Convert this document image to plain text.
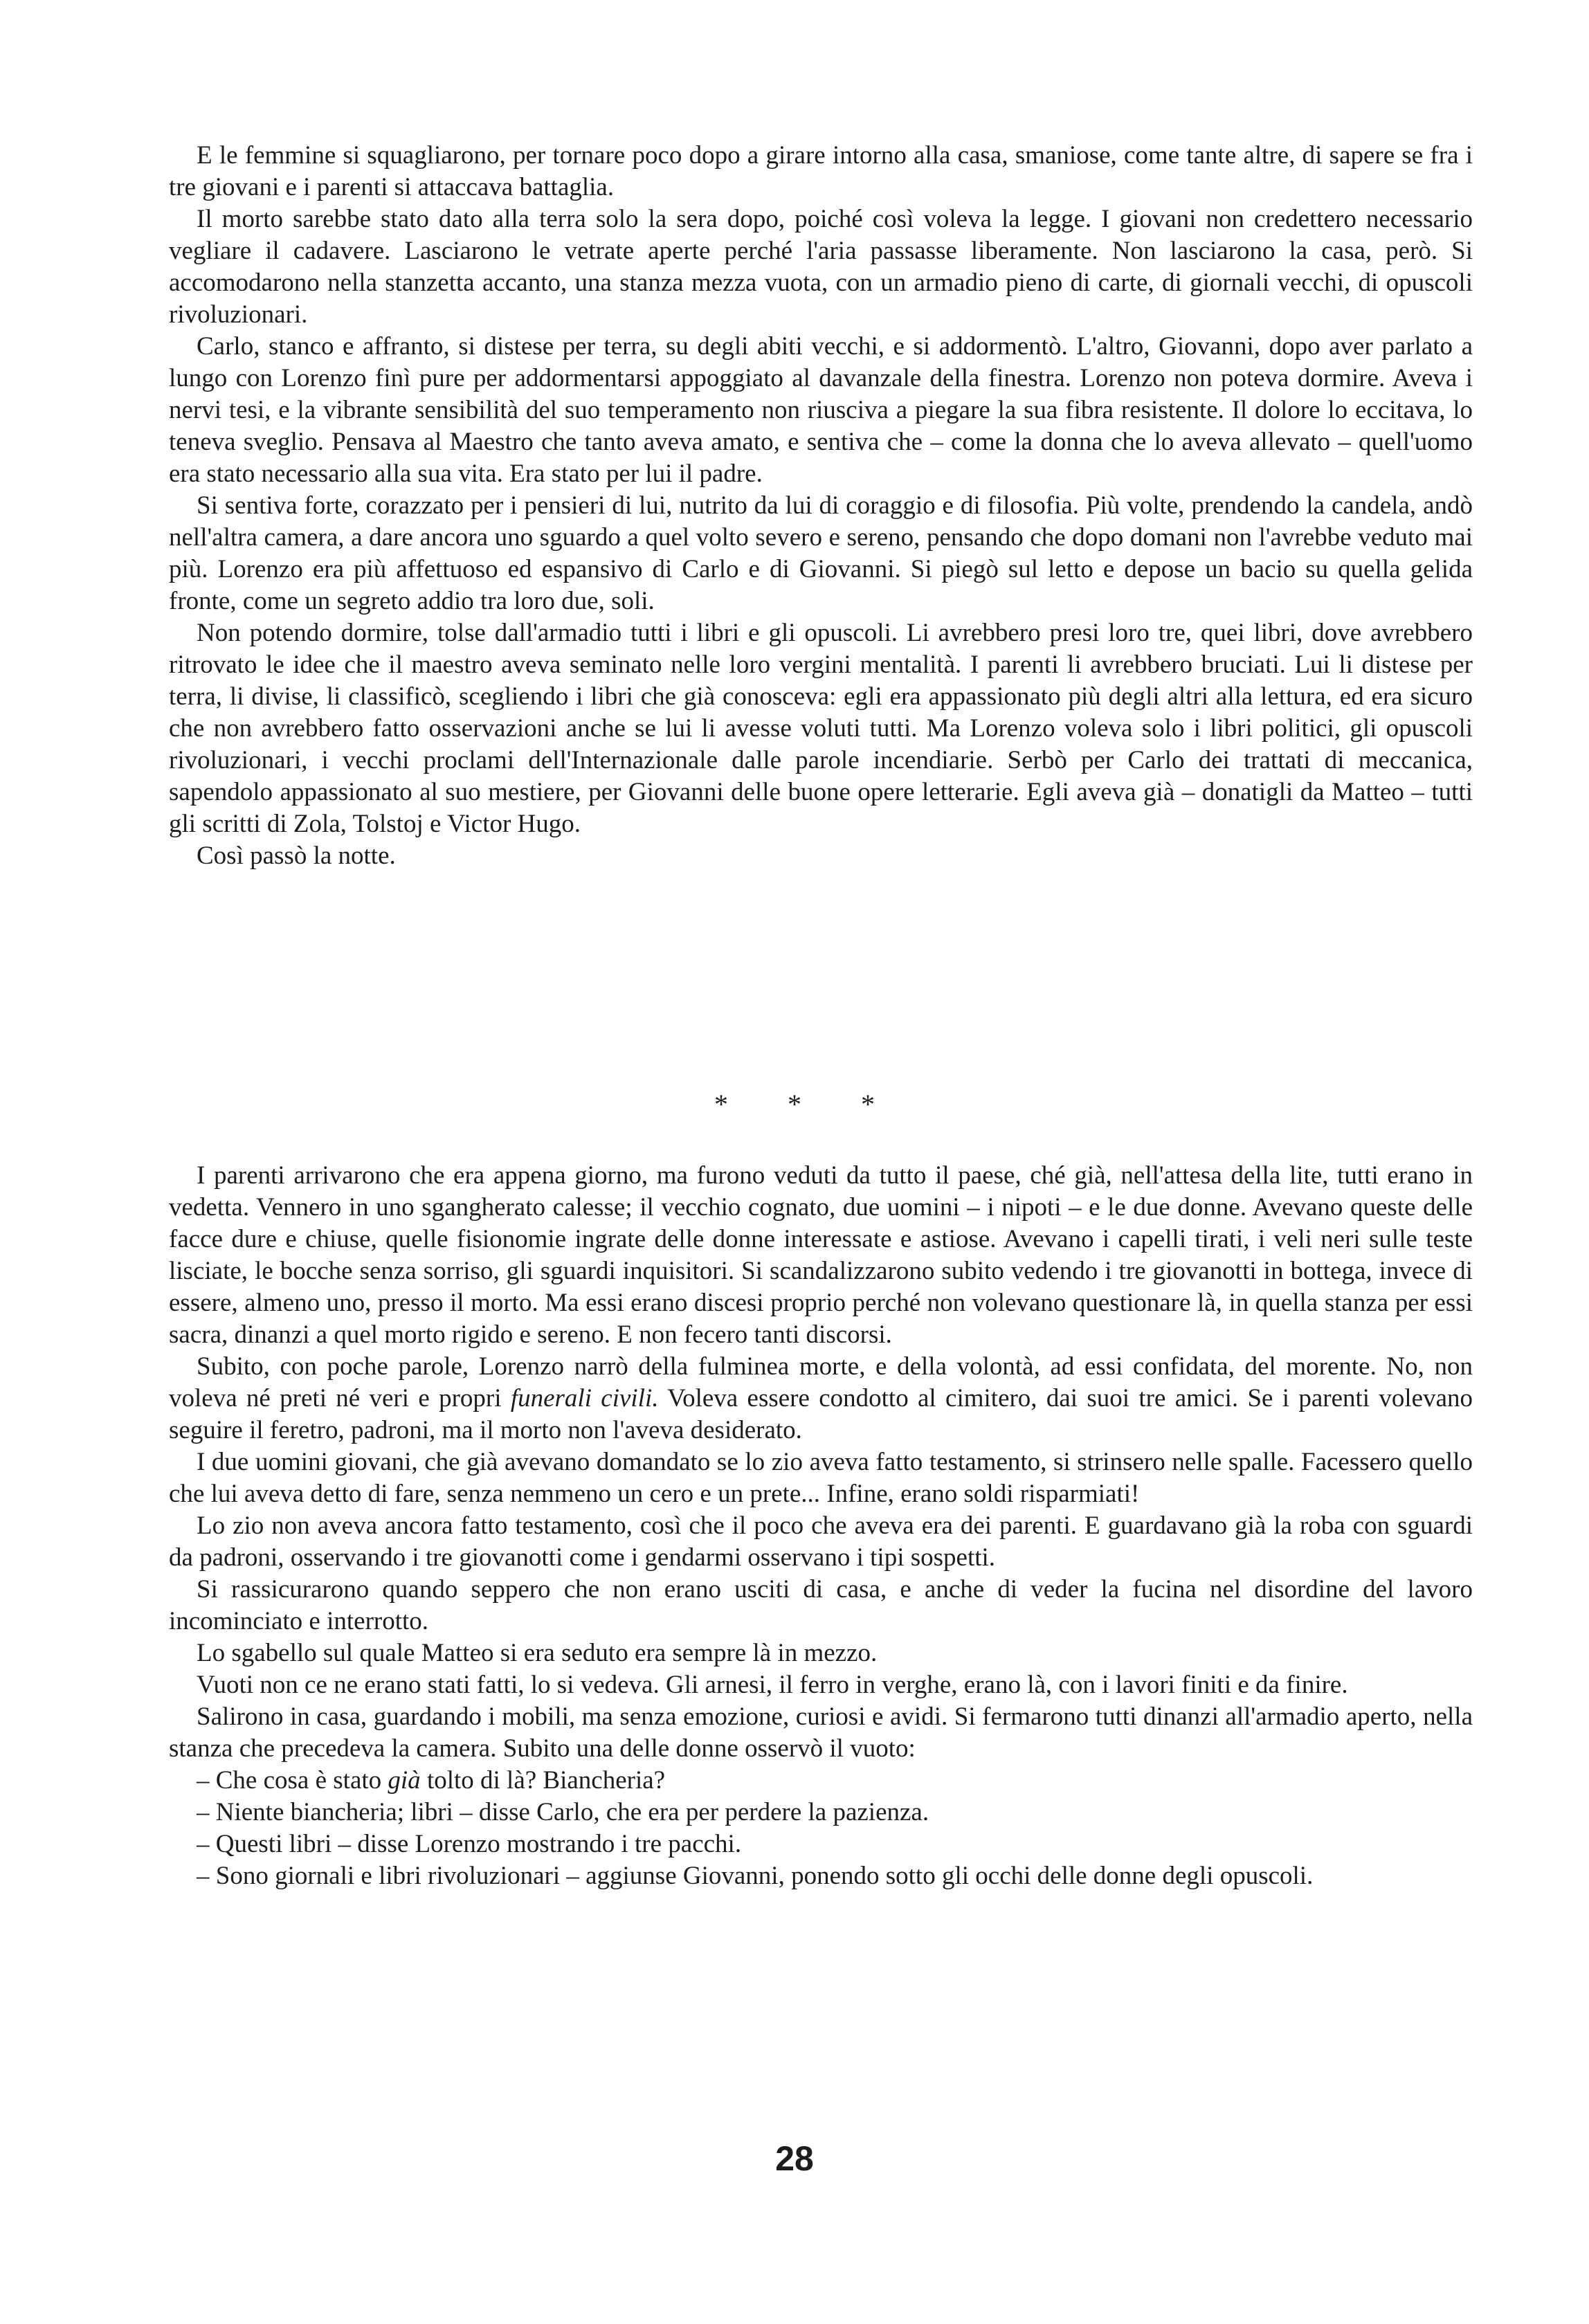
E le femmine si squagliarono, per tornare poco dopo a girare intorno alla casa, smaniose, come tante altre, di sapere se fra i tre giovani e i parenti si attaccava battaglia.

Il morto sarebbe stato dato alla terra solo la sera dopo, poiché così voleva la legge. I giovani non credettero necessario vegliare il cadavere. Lasciarono le vetrate aperte perché l'aria passasse liberamente. Non lasciarono la casa, però. Si accomodarono nella stanzetta accanto, una stanza mezza vuota, con un armadio pieno di carte, di giornali vecchi, di opuscoli rivoluzionari.

Carlo, stanco e affranto, si distese per terra, su degli abiti vecchi, e si addormentò. L'altro, Giovanni, dopo aver parlato a lungo con Lorenzo finì pure per addormentarsi appoggiato al davanzale della finestra. Lorenzo non poteva dormire. Aveva i nervi tesi, e la vibrante sensibilità del suo temperamento non riusciva a piegare la sua fibra resistente. Il dolore lo eccitava, lo teneva sveglio. Pensava al Maestro che tanto aveva amato, e sentiva che – come la donna che lo aveva allevato – quell'uomo era stato necessario alla sua vita. Era stato per lui il padre.

Si sentiva forte, corazzato per i pensieri di lui, nutrito da lui di coraggio e di filosofia. Più volte, prendendo la candela, andò nell'altra camera, a dare ancora uno sguardo a quel volto severo e sereno, pensando che dopo domani non l'avrebbe veduto mai più. Lorenzo era più affettuoso ed espansivo di Carlo e di Giovanni. Si piegò sul letto e depose un bacio su quella gelida fronte, come un segreto addio tra loro due, soli.

Non potendo dormire, tolse dall'armadio tutti i libri e gli opuscoli. Li avrebbero presi loro tre, quei libri, dove avrebbero ritrovato le idee che il maestro aveva seminato nelle loro vergini mentalità. I parenti li avrebbero bruciati. Lui li distese per terra, li divise, li classificò, scegliendo i libri che già conosceva: egli era appassionato più degli altri alla lettura, ed era sicuro che non avrebbero fatto osservazioni anche se lui li avesse voluti tutti. Ma Lorenzo voleva solo i libri politici, gli opuscoli rivoluzionari, i vecchi proclami dell'Internazionale dalle parole incendiarie. Serbò per Carlo dei trattati di meccanica, sapendolo appassionato al suo mestiere, per Giovanni delle buone opere letterarie. Egli aveva già – donatigli da Matteo – tutti gli scritti di Zola, Tolstoj e Victor Hugo.

Così passò la notte.

* * *

I parenti arrivarono che era appena giorno, ma furono veduti da tutto il paese, ché già, nell'attesa della lite, tutti erano in vedetta. Vennero in uno sgangherato calesse; il vecchio cognato, due uomini – i nipoti – e le due donne. Avevano queste delle facce dure e chiuse, quelle fisionomie ingrate delle donne interessate e astiose. Avevano i capelli tirati, i veli neri sulle teste lisciate, le bocche senza sorriso, gli sguardi inquisitori. Si scandalizzarono subito vedendo i tre giovanotti in bottega, invece di essere, almeno uno, presso il morto. Ma essi erano discesi proprio perché non volevano questionare là, in quella stanza per essi sacra, dinanzi a quel morto rigido e sereno. E non fecero tanti discorsi.

Subito, con poche parole, Lorenzo narrò della fulminea morte, e della volontà, ad essi confidata, del morente. No, non voleva né preti né veri e propri funerali civili. Voleva essere condotto al cimitero, dai suoi tre amici. Se i parenti volevano seguire il feretro, padroni, ma il morto non l'aveva desiderato.

I due uomini giovani, che già avevano domandato se lo zio aveva fatto testamento, si strinsero nelle spalle. Facessero quello che lui aveva detto di fare, senza nemmeno un cero e un prete... Infine, erano soldi risparmiati!

Lo zio non aveva ancora fatto testamento, così che il poco che aveva era dei parenti. E guardavano già la roba con sguardi da padroni, osservando i tre giovanotti come i gendarmi osservano i tipi sospetti.

Si rassicurarono quando seppero che non erano usciti di casa, e anche di veder la fucina nel disordine del lavoro incominciato e interrotto.

Lo sgabello sul quale Matteo si era seduto era sempre là in mezzo.

Vuoti non ce ne erano stati fatti, lo si vedeva. Gli arnesi, il ferro in verghe, erano là, con i lavori finiti e da finire.

Salirono in casa, guardando i mobili, ma senza emozione, curiosi e avidi. Si fermarono tutti dinanzi all'armadio aperto, nella stanza che precedeva la camera. Subito una delle donne osservò il vuoto:

– Che cosa è stato già tolto di là? Biancheria?

– Niente biancheria; libri – disse Carlo, che era per perdere la pazienza.

– Questi libri – disse Lorenzo mostrando i tre pacchi.

– Sono giornali e libri rivoluzionari – aggiunse Giovanni, ponendo sotto gli occhi delle donne degli opuscoli.

28
